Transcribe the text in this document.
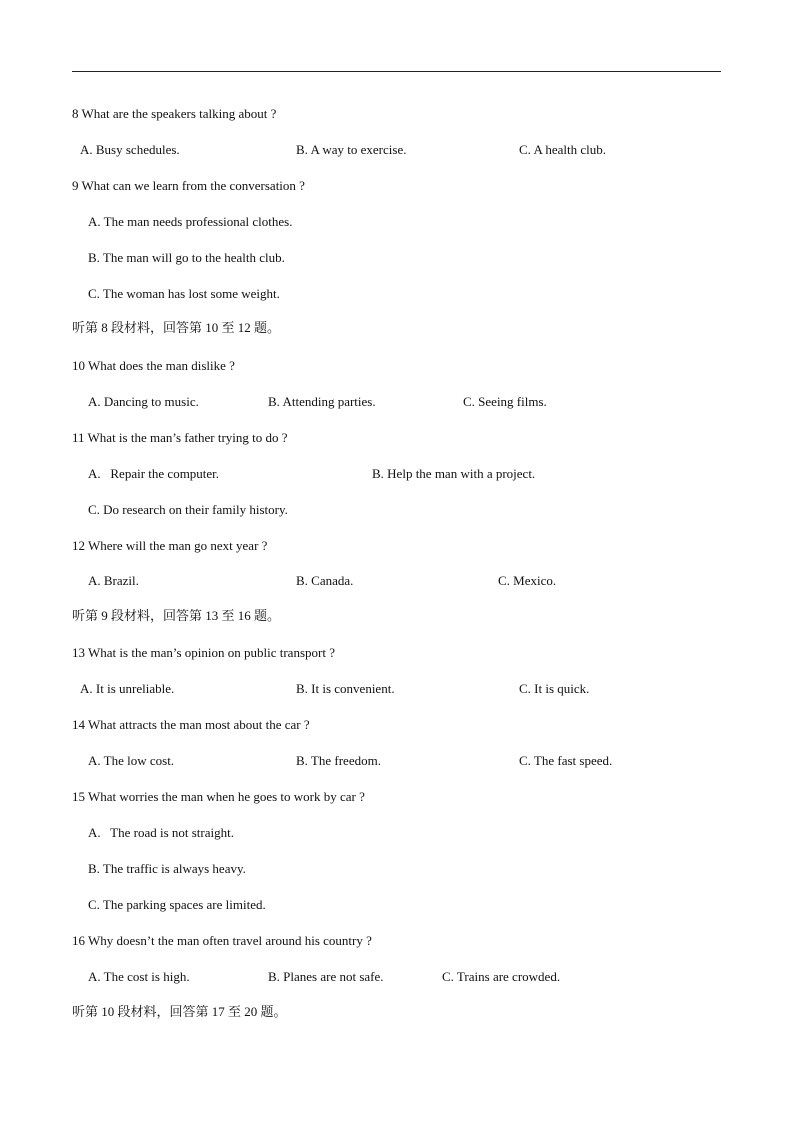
8 What are the speakers talking about ?
A. Busy schedules.	B. A way to exercise.	C. A health club.
9 What can we learn from the conversation ?
A. The man needs professional clothes.
B. The man will go to the health club.
C. The woman has lost some weight.
听第 8 段材料，回答第 10 至 12 题。
10 What does the man dislike ?
A. Dancing to music.	B. Attending parties.	C. Seeing films.
11 What is the man’s father trying to do ?
A.   Repair the computer.	B. Help the man with a project.
C. Do research on their family history.
12 Where will the man go next year ?
A. Brazil.	B. Canada.	C. Mexico.
听第 9 段材料，回答第 13 至 16 题。
13 What is the man’s opinion on public transport ?
A. It is unreliable.	B. It is convenient.	C. It is quick.
14 What attracts the man most about the car ?
A. The low cost.	B. The freedom.	C. The fast speed.
15 What worries the man when he goes to work by car ?
A.   The road is not straight.
B. The traffic is always heavy.
C. The parking spaces are limited.
16 Why doesn’t the man often travel around his country ?
A. The cost is high.	B. Planes are not safe.	C. Trains are crowded.
听第 10 段材料，回答第 17 至 20 题。
